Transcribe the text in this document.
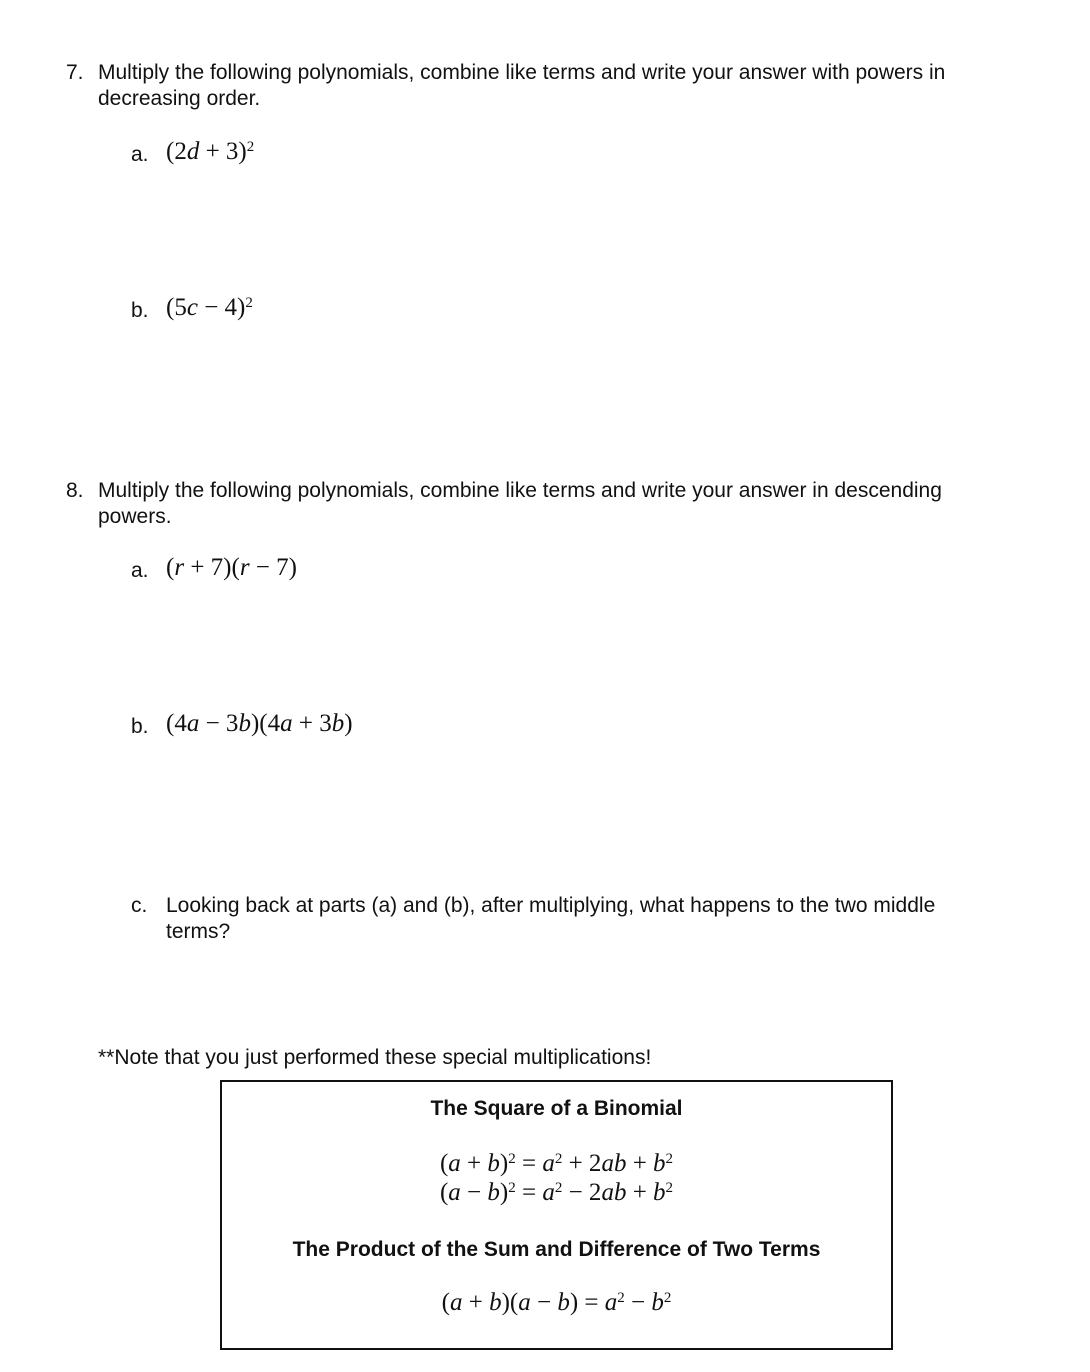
7. Multiply the following polynomials, combine like terms and write your answer with powers in
decreasing order.
a. $(2d + 3)^2$
b. $(5c - 4)^2$
8. Multiply the following polynomials, combine like terms and write your answer in descending
powers.
a. (r + 7)(r − 7)
b. (4a − 3b)(4a + 3b)
c. Looking back at parts (a) and (b), after multiplying, what happens to the two middle
terms?
**Note that you just performed these special multiplications!
The Square of a Binomial
$(a + b)^2 = a^2 + 2ab + b^2$
$(a - b)^2 = a^2 - 2ab + b^2$
The Product of the Sum and Difference of Two Terms
$(a + b)(a - b) = a^2 - b^2$
